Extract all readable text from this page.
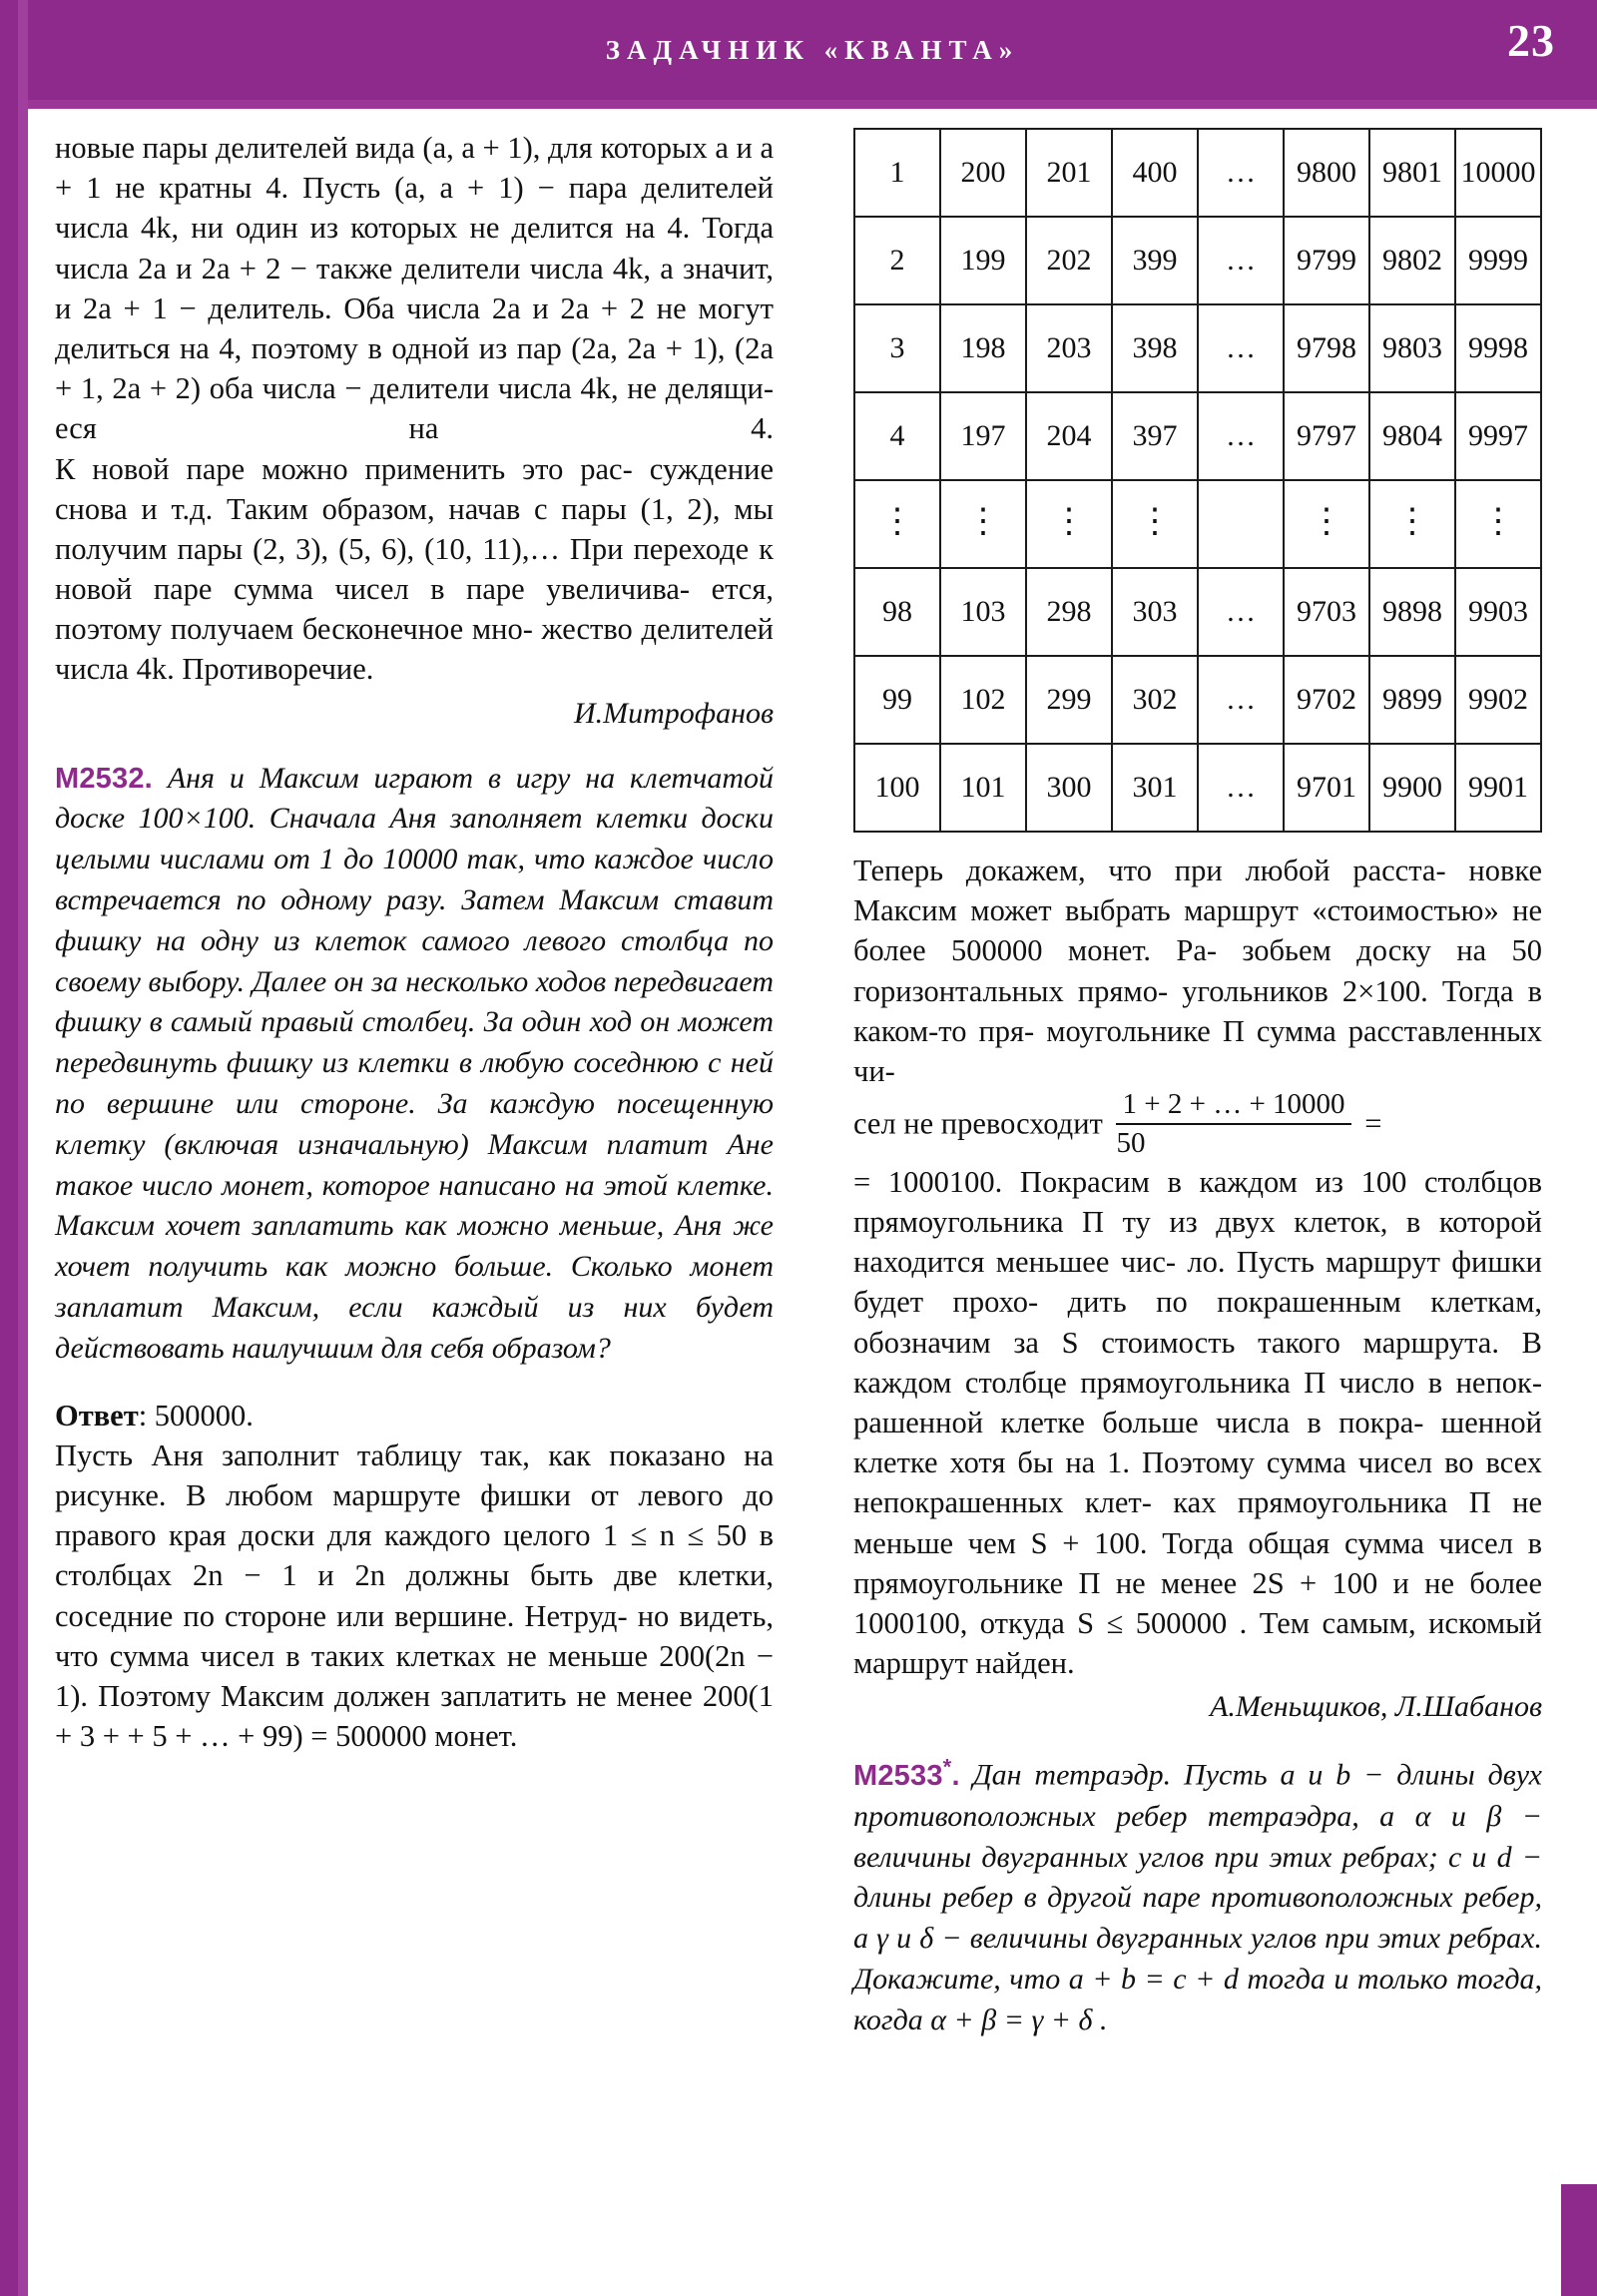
ЗАДАЧНИК «КВАНТА»	23

новые пары делителей вида (a, a + 1), для которых a и a + 1 не кратны 4. Пусть (a, a + 1) − пара делителей числа 4k, ни один из которых не делится на 4. Тогда числа 2a и 2a + 2 − также делители числа 4k, а значит, и 2a + 1 − делитель. Оба числа 2a и 2a + 2 не могут делиться на 4, поэтому в одной из пар (2a, 2a + 1), (2a + 1, 2a + 2) оба числа − делители числа 4k, не делящи- еся на 4.

К новой паре можно применить это рас- суждение снова и т.д. Таким образом, начав с пары (1, 2), мы получим пары (2, 3), (5, 6), (10, 11),… При переходе к новой паре сумма чисел в паре увеличива- ется, поэтому получаем бесконечное мно- жество делителей числа 4k. Противоречие.

И.Митрофанов

M2532. Аня и Максим играют в игру на клетчатой доске 100×100. Сначала Аня заполняет клетки доски целыми числами от 1 до 10000 так, что каждое число встречается по одному разу. Затем Максим ставит фишку на одну из клеток самого левого столбца по своему выбору. Далее он за несколько ходов передвигает фишку в самый правый столбец. За один ход он может передвинуть фишку из клетки в любую соседнюю с ней по вершине или стороне. За каждую посещенную клетку (включая изначальную) Максим платит Ане такое число монет, которое написано на этой клетке. Максим хочет заплатить как можно меньше, Аня же хочет получить как можно больше. Сколько монет заплатит Максим, если каждый из них будет действовать наилучшим для себя образом?

Ответ: 500000.

Пусть Аня заполнит таблицу так, как показано на рисунке. В любом маршруте фишки от левого до правого края доски для каждого целого 1 ≤ n ≤ 50 в столбцах 2n − 1 и 2n должны быть две клетки, соседние по стороне или вершине. Нетруд- но видеть, что сумма чисел в таких клетках не меньше 200(2n − 1). Поэтому Максим должен заплатить не менее 200(1 + 3 + + 5 + … + 99) = 500000 монет.

1	200	201	400	…	9800	9801	10000
2	199	202	399	…	9799	9802	9999
3	198	203	398	…	9798	9803	9998
4	197	204	397	…	9797	9804	9997
⋮	⋮	⋮	⋮		⋮	⋮	⋮
98	103	298	303	…	9703	9898	9903
99	102	299	302	…	9702	9899	9902
100	101	300	301	…	9701	9900	9901

Теперь докажем, что при любой расста- новке Максим может выбрать маршрут «стоимостью» не более 500000 монет. Ра- зобьем доску на 50 горизонтальных прямо- угольников 2×100. Тогда в каком-то пря- моугольнике П сумма расставленных чи-

сел не превосходит $\frac{1 + 2 + \dots + 10000}{50}$ =

= 1000100. Покрасим в каждом из 100 столбцов прямоугольника П ту из двух клеток, в которой находится меньшее чис- ло. Пусть маршрут фишки будет прохо- дить по покрашенным клеткам, обозначим за S стоимость такого маршрута. В каждом столбце прямоугольника П число в непок- рашенной клетке больше числа в покра- шенной клетке хотя бы на 1. Поэтому сумма чисел во всех непокрашенных клет- ках прямоугольника П не меньше чем S + 100. Тогда общая сумма чисел в прямоугольнике П не менее 2S + 100 и не более 1000100, откуда S ≤ 500000 . Тем самым, искомый маршрут найден.

А.Меньщиков, Л.Шабанов

M2533*. Дан тетраэдр. Пусть a и b − длины двух противоположных ребер тетраэдра, а α и β − величины двугранных углов при этих ребрах; c и d − длины ребер в другой паре противоположных ребер, а γ и δ − величины двугранных углов при этих ребрах. Докажите, что a + b = c + d тогда и только тогда, когда α + β = γ + δ .
